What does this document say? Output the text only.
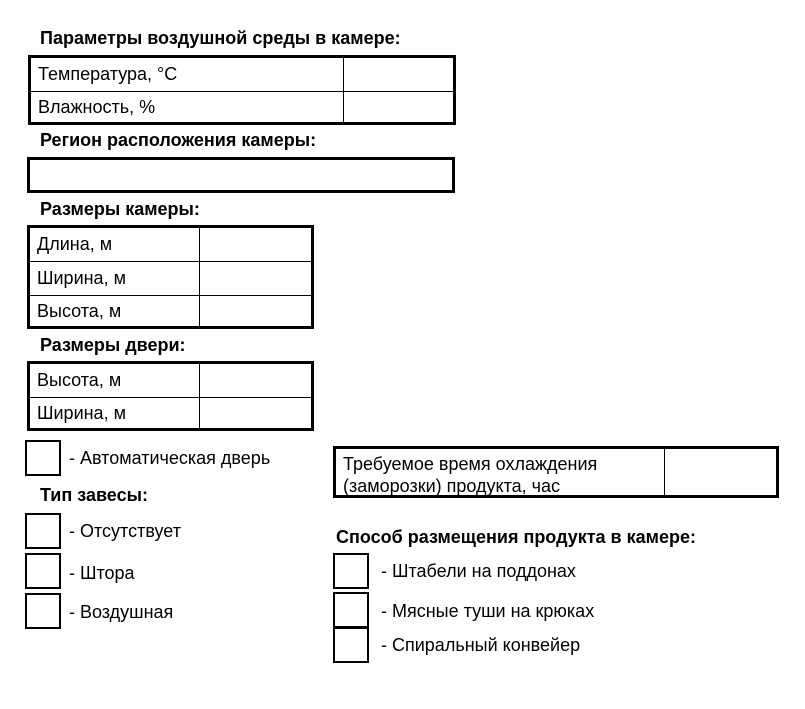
Параметры воздушной среды в камере:
Температура, °C
Влажность, %
Регион расположения камеры:
Размеры камеры:
Длина, м
Ширина, м
Высота, м
Размеры двери:
Высота, м
Ширина, м
- Автоматическая дверь
Тип завесы:
- Отсутствует
- Штора
- Воздушная
Требуемое время охлаждения
(заморозки) продукта, час
Способ размещения продукта в камере:
- Штабели на поддонах
- Мясные туши на крюках
- Спиральный конвейер
